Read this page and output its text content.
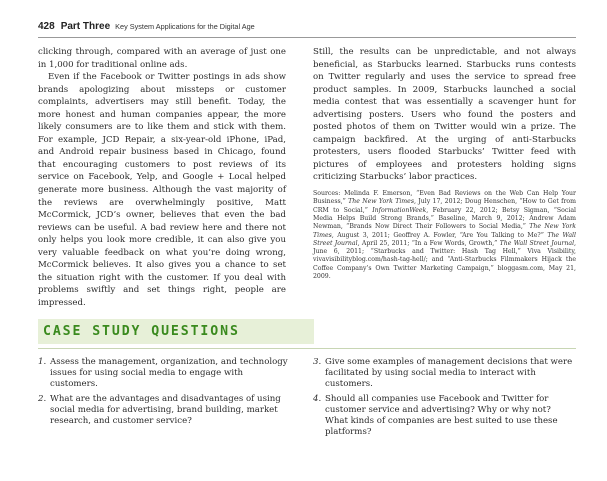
428 Part Three Key System Applications for the Digital Age

clicking through, compared with an average of just one in 1,000 for traditional online ads.

Even if the Facebook or Twitter postings in ads show brands apologizing about missteps or customer complaints, advertisers may still benefit. Today, the more honest and human companies appear, the more likely consumers are to like them and stick with them. For example, JCD Repair, a six-year-old iPhone, iPad, and Android repair business based in Chicago, found that encouraging customers to post reviews of its service on Facebook, Yelp, and Google + Local helped generate more business. Although the vast majority of the reviews are overwhelmingly positive, Matt McCormick, JCD’s owner, believes that even the bad reviews can be useful. A bad review here and there not only helps you look more credible, it can also give you very valuable feedback on what you’re doing wrong, McCormick believes. It also gives you a chance to set the situation right with the customer. If you deal with problems swiftly and set things right, people are impressed.

Still, the results can be unpredictable, and not always beneficial, as Starbucks learned. Starbucks runs contests on Twitter regularly and uses the service to spread free product samples. In 2009, Starbucks launched a social media contest that was essentially a scavenger hunt for advertising posters. Users who found the posters and posted photos of them on Twitter would win a prize. The campaign backfired. At the urging of anti-Starbucks protesters, users flooded Starbucks’ Twitter feed with pictures of employees and protesters holding signs criticizing Starbucks’ labor practices.

Sources: Melinda F. Emerson, “Even Bad Reviews on the Web Can Help Your Business,” The New York Times, July 17, 2012; Doug Henschen, “How to Get from CRM to Social,” InformationWeek, February 22, 2012; Betsy Sigman, “Social Media Helps Build Strong Brands,” Baseline, March 9, 2012; Andrew Adam Newman, “Brands Now Direct Their Followers to Social Media,” The New York Times, August 3, 2011; Geoffrey A. Fowler, “Are You Talking to Me?” The Wall Street Journal, April 25, 2011; “In a Few Words, Growth,” The Wall Street Journal, June 6, 2011; “Starbucks and Twitter: Hash Tag Hell,” Viva Visibility, vivavisibilityblog.com/hash-tag-hell/; and “Anti-Starbucks Filmmakers Hijack the Coffee Company’s Own Twitter Marketing Campaign,” bloggasm.com, May 21, 2009.

CASE STUDY QUESTIONS
1. Assess the management, organization, and technology issues for using social media to engage with customers.
2. What are the advantages and disadvantages of using social media for advertising, brand building, market research, and customer service?
3. Give some examples of management decisions that were facilitated by using social media to interact with customers.
4. Should all companies use Facebook and Twitter for customer service and advertising? Why or why not? What kinds of companies are best suited to use these platforms?
